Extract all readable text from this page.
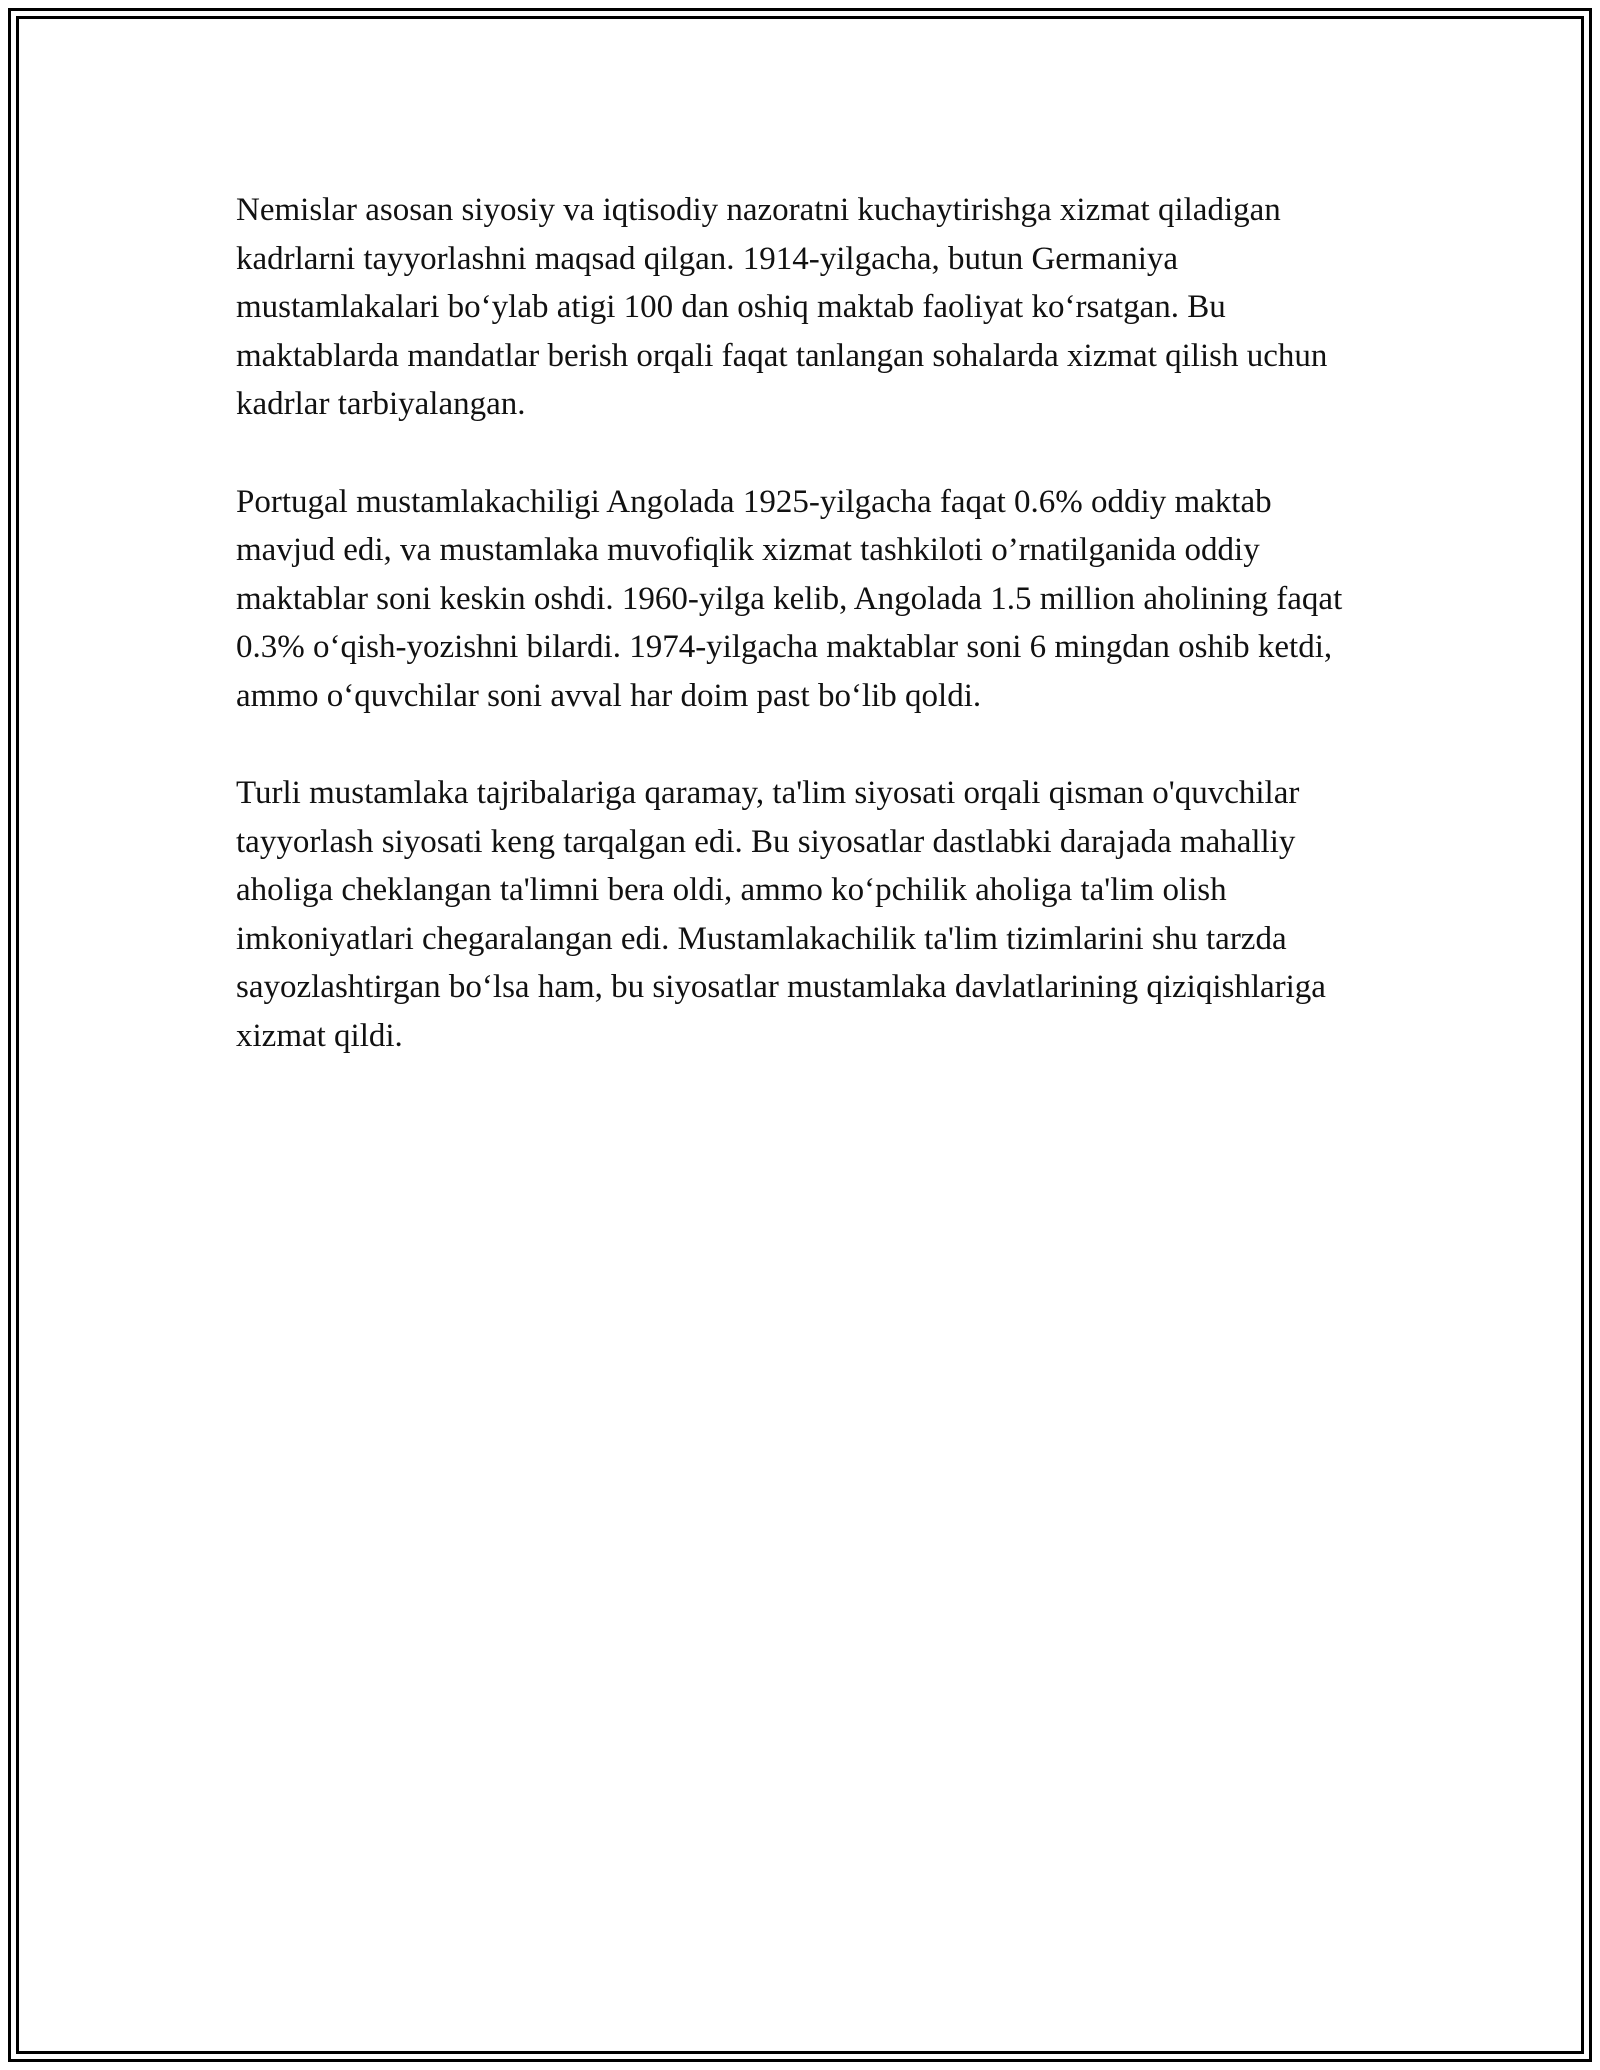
Nemislar asosan siyosiy va iqtisodiy nazoratni kuchaytirishga xizmat qiladigan kadrlarni tayyorlashni maqsad qilgan. 1914-yilgacha, butun Germaniya mustamlakalari bo‘ylab atigi 100 dan oshiq maktab faoliyat ko‘rsatgan. Bu maktablarda mandatlar berish orqali faqat tanlangan sohalarda xizmat qilish uchun kadrlar tarbiyalangan.

Portugal mustamlakachiligi Angolada 1925-yilgacha faqat 0.6% oddiy maktab mavjud edi, va mustamlaka muvofiqlik xizmat tashkiloti o’rnatilganida oddiy maktablar soni keskin oshdi. 1960-yilga kelib, Angolada 1.5 million aholining faqat 0.3% o‘qish-yozishni bilardi. 1974-yilgacha maktablar soni 6 mingdan oshib ketdi, ammo o‘quvchilar soni avval har doim past bo‘lib qoldi.

Turli mustamlaka tajribalariga qaramay, ta'lim siyosati orqali qisman o'quvchilar tayyorlash siyosati keng tarqalgan edi. Bu siyosatlar dastlabki darajada mahalliy aholiga cheklangan ta'limni bera oldi, ammo ko‘pchilik aholiga ta'lim olish imkoniyatlari chegaralangan edi. Mustamlakachilik ta'lim tizimlarini shu tarzda sayozlashtirgan bo‘lsa ham, bu siyosatlar mustamlaka davlatlarining qiziqishlariga xizmat qildi.
